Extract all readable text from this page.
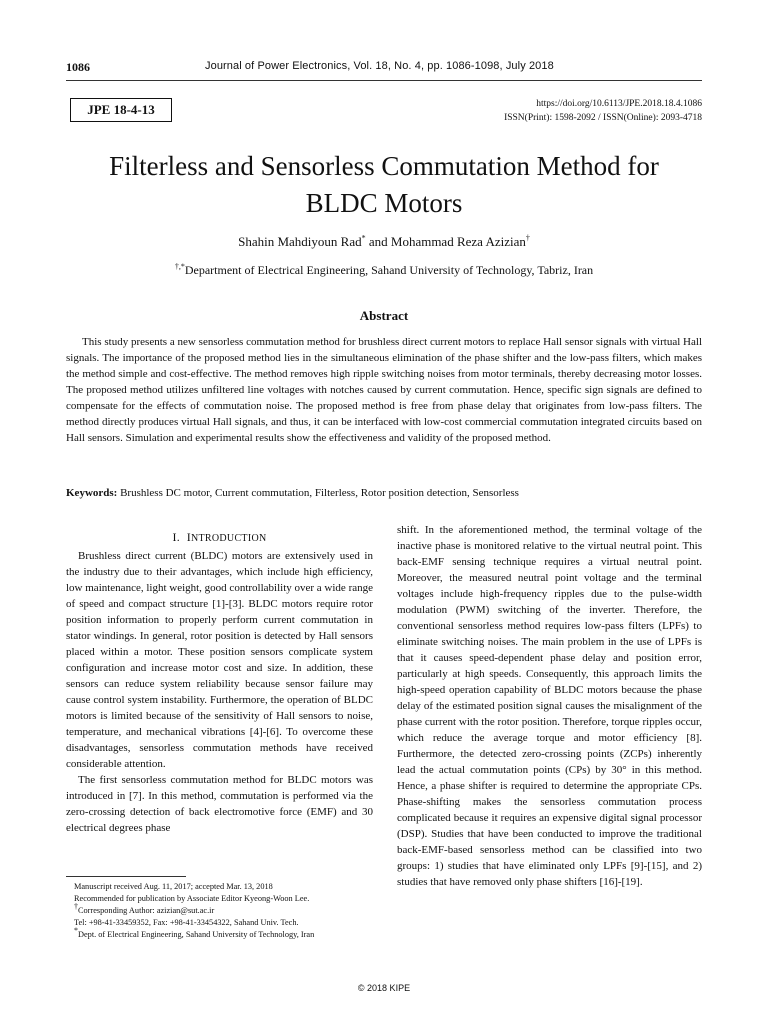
1086	Journal of Power Electronics, Vol. 18, No. 4, pp. 1086-1098, July 2018
JPE 18-4-13	https://doi.org/10.6113/JPE.2018.18.4.1086
ISSN(Print): 1598-2092 / ISSN(Online): 2093-4718
Filterless and Sensorless Commutation Method for
BLDC Motors
Shahin Mahdiyoun Rad* and Mohammad Reza Azizian†
†,*Department of Electrical Engineering, Sahand University of Technology, Tabriz, Iran
Abstract
This study presents a new sensorless commutation method for brushless direct current motors to replace Hall sensor signals with virtual Hall signals. The importance of the proposed method lies in the simultaneous elimination of the phase shifter and the low-pass filters, which makes the method simple and cost-effective. The method removes high ripple switching noises from motor terminals, thereby decreasing motor losses. The proposed method utilizes unfiltered line voltages with notches caused by current commutation. Hence, specific sign signals are defined to compensate for the effects of commutation noise. The proposed method is free from phase delay that originates from low-pass filters. The method directly produces virtual Hall signals, and thus, it can be interfaced with low-cost commercial commutation integrated circuits based on Hall sensors. Simulation and experimental results show the effectiveness and validity of the proposed method.
Keywords: Brushless DC motor, Current commutation, Filterless, Rotor position detection, Sensorless
I. INTRODUCTION

Brushless direct current (BLDC) motors are extensively used in the industry due to their advantages, which include high efficiency, low maintenance, light weight, good controllability over a wide range of speed and compact structure [1]-[3]. BLDC motors require rotor position information to properly perform current commutation in stator windings. In general, rotor position is detected by Hall sensors placed within a motor. These position sensors complicate system configuration and increase motor cost and size. In addition, these sensors can reduce system reliability because sensor failure may cause control system instability. Furthermore, the operation of BLDC motors is limited because of the sensitivity of Hall sensors to noise, temperature, and mechanical vibrations [4]-[6]. To overcome these disadvantages, sensorless commutation methods have received considerable attention.

The first sensorless commutation method for BLDC motors was introduced in [7]. In this method, commutation is performed via the zero-crossing detection of back electromotive force (EMF) and 30 electrical degrees phase

shift. In the aforementioned method, the terminal voltage of the inactive phase is monitored relative to the virtual neutral point. This back-EMF sensing technique requires a virtual neutral point. Moreover, the measured neutral point voltage and the terminal voltages include high-frequency ripples due to the pulse-width modulation (PWM) switching of the inverter. Therefore, the conventional sensorless method requires low-pass filters (LPFs) to eliminate switching noises. The main problem in the use of LPFs is that it causes speed-dependent phase delay and position error, particularly at high speeds. Consequently, this approach limits the high-speed operation capability of BLDC motors because the phase delay of the estimated position signal causes the misalignment of the phase current with the rotor position. Therefore, torque ripples occur, which reduce the average torque and motor efficiency [8]. Furthermore, the detected zero-crossing points (ZCPs) inherently lead the actual commutation points (CPs) by 30° in this method. Hence, a phase shifter is required to determine the appropriate CPs. Phase-shifting makes the sensorless commutation process complicated because it requires an expensive digital signal processor (DSP). Studies that have been conducted to improve the traditional back-EMF-based sensorless method can be classified into two groups: 1) studies that have eliminated only LPFs [9]-[15], and 2) studies that have removed only phase shifters [16]-[19].

Manuscript received Aug. 11, 2017; accepted Mar. 13, 2018
Recommended for publication by Associate Editor Kyeong-Woon Lee.
†Corresponding Author: azizian@sut.ac.ir
Tel: +98-41-33459352, Fax: +98-41-33454322, Sahand Univ. Tech.
*Dept. of Electrical Engineering, Sahand University of Technology, Iran
© 2018 KIPE
